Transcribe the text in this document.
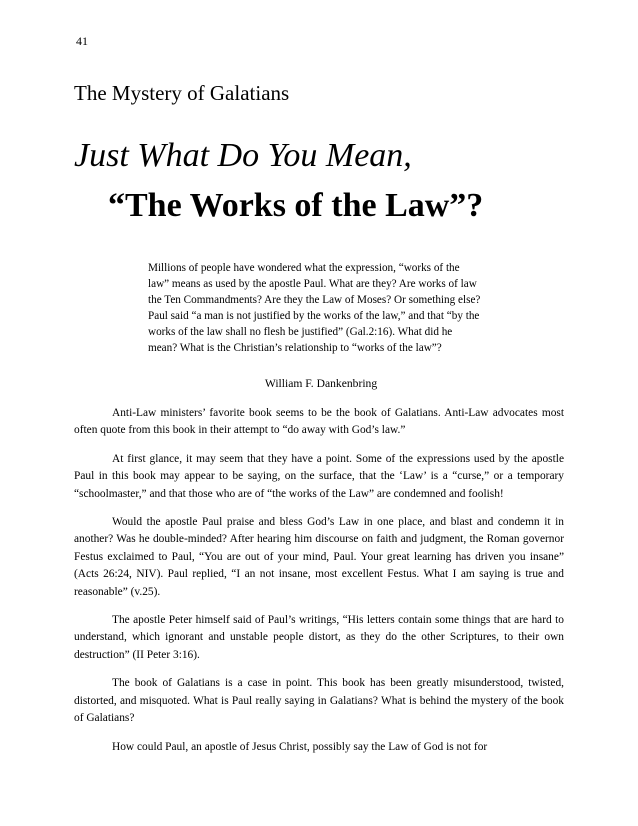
41
The Mystery of Galatians
Just What Do You Mean,
“The Works of the Law”?
Millions of people have wondered what the expression, “works of the law” means as used by the apostle Paul. What are they? Are works of law the Ten Commandments? Are they the Law of Moses? Or something else? Paul said “a man is not justified by the works of the law,” and that “by the works of the law shall no flesh be justified” (Gal.2:16). What did he mean? What is the Christian’s relationship to “works of the law”?
William F. Dankenbring

Anti-Law ministers’ favorite book seems to be the book of Galatians. Anti-Law advocates most often quote from this book in their attempt to “do away with God’s law.”

At first glance, it may seem that they have a point. Some of the expressions used by the apostle Paul in this book may appear to be saying, on the surface, that the ‘Law’ is a “curse,” or a temporary “schoolmaster,” and that those who are of “the works of the Law” are condemned and foolish!

Would the apostle Paul praise and bless God’s Law in one place, and blast and condemn it in another? Was he double-minded? After hearing him discourse on faith and judgment, the Roman governor Festus exclaimed to Paul, “You are out of your mind, Paul. Your great learning has driven you insane” (Acts 26:24, NIV). Paul replied, “I an not insane, most excellent Festus. What I am saying is true and reasonable” (v.25).

The apostle Peter himself said of Paul’s writings, “His letters contain some things that are hard to understand, which ignorant and unstable people distort, as they do the other Scriptures, to their own destruction” (II Peter 3:16).

The book of Galatians is a case in point. This book has been greatly misunderstood, twisted, distorted, and misquoted. What is Paul really saying in Galatians? What is behind the mystery of the book of Galatians?

How could Paul, an apostle of Jesus Christ, possibly say the Law of God is not for
